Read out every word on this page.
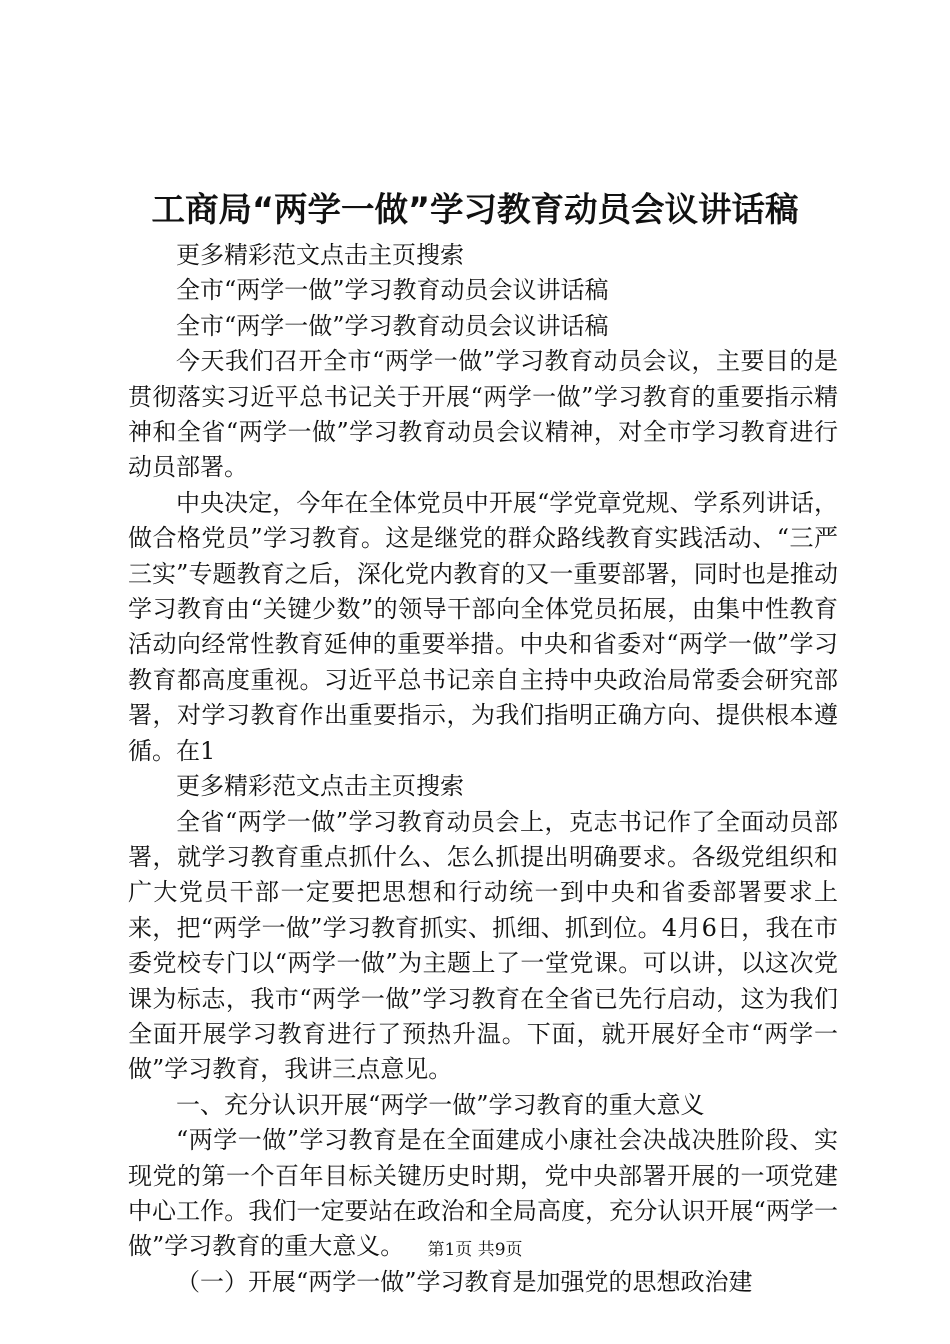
工商局“两学一做”学习教育动员会议讲话稿

更多精彩范文点击主页搜索

全市“两学一做”学习教育动员会议讲话稿

全市“两学一做”学习教育动员会议讲话稿

今天我们召开全市“两学一做”学习教育动员会议，主要目的是贯彻落实习近平总书记关于开展“两学一做”学习教育的重要指示精神和全省“两学一做”学习教育动员会议精神，对全市学习教育进行动员部署。

中央决定，今年在全体党员中开展“学党章党规、学系列讲话，做合格党员”学习教育。这是继党的群众路线教育实践活动、“三严三实”专题教育之后，深化党内教育的又一重要部署，同时也是推动学习教育由“关键少数”的领导干部向全体党员拓展，由集中性教育活动向经常性教育延伸的重要举措。中央和省委对“两学一做”学习教育都高度重视。习近平总书记亲自主持中央政治局常委会研究部署，对学习教育作出重要指示，为我们指明正确方向、提供根本遵循。在1

更多精彩范文点击主页搜索

全省“两学一做”学习教育动员会上，克志书记作了全面动员部署，就学习教育重点抓什么、怎么抓提出明确要求。各级党组织和广大党员干部一定要把思想和行动统一到中央和省委部署要求上来，把“两学一做”学习教育抓实、抓细、抓到位。4月6日，我在市委党校专门以“两学一做”为主题上了一堂党课。可以讲，以这次党课为标志，我市“两学一做”学习教育在全省已先行启动，这为我们全面开展学习教育进行了预热升温。下面，就开展好全市“两学一做”学习教育，我讲三点意见。

一、充分认识开展“两学一做”学习教育的重大意义

“两学一做”学习教育是在全面建成小康社会决战决胜阶段、实现党的第一个百年目标关键历史时期，党中央部署开展的一项党建中心工作。我们一定要站在政治和全局高度，充分认识开展“两学一做”学习教育的重大意义。

（一）开展“两学一做”学习教育是加强党的思想政治建

第1页 共9页
